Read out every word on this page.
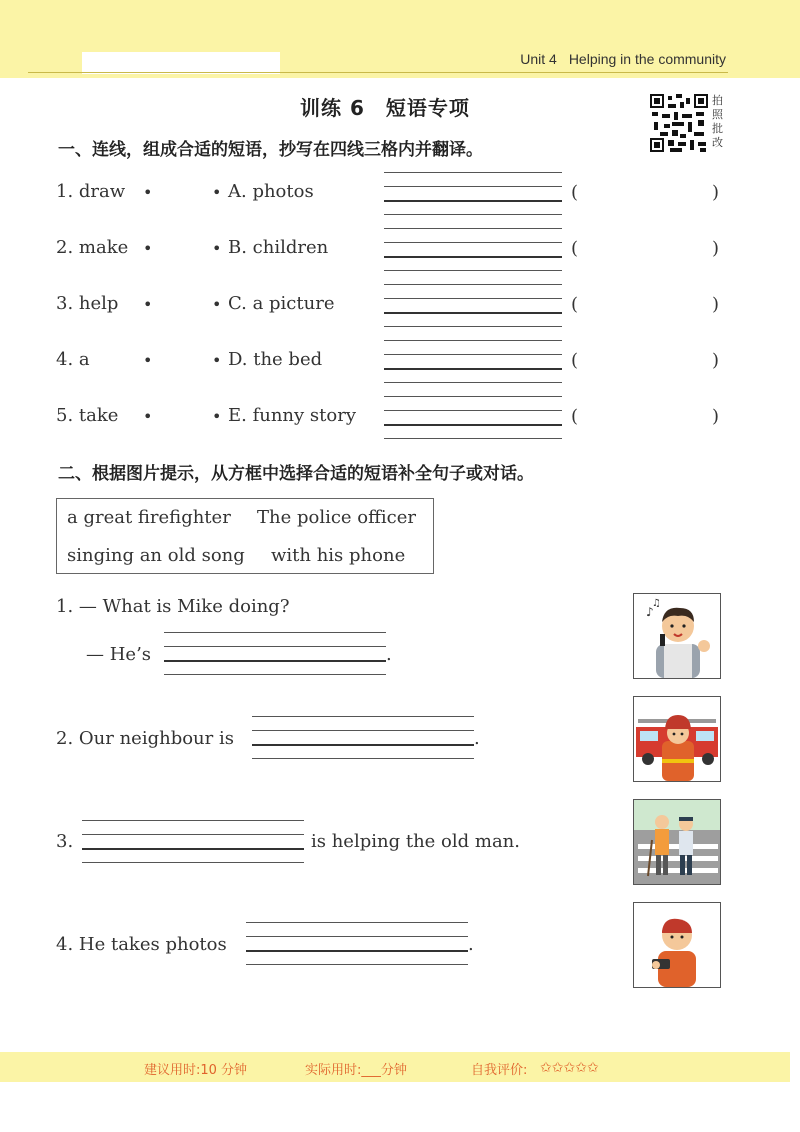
Unit 4 Helping in the community
训练 6　短语专项	拍照批改
一、连线，组成合适的短语，抄写在四线三格内并翻译。
1. draw •	• A. photos	(	)
2. make •	• B. children	(	)
3. help •	• C. a picture	(	)
4. a	•	• D. the bed	(	)
5. take •	• E. funny story	(	)
二、根据图片提示，从方框中选择合适的短语补全句子或对话。
a great firefighter The police officer
singing an old song with his phone
1. — What is Mike doing?
— He’s	.
2. Our neighbour is	.
3.	is helping the old man.
4. He takes photos	.
♪
♫
建议用时:10 分钟	实际用时:___分钟	自我评价: ✩✩✩✩✩
